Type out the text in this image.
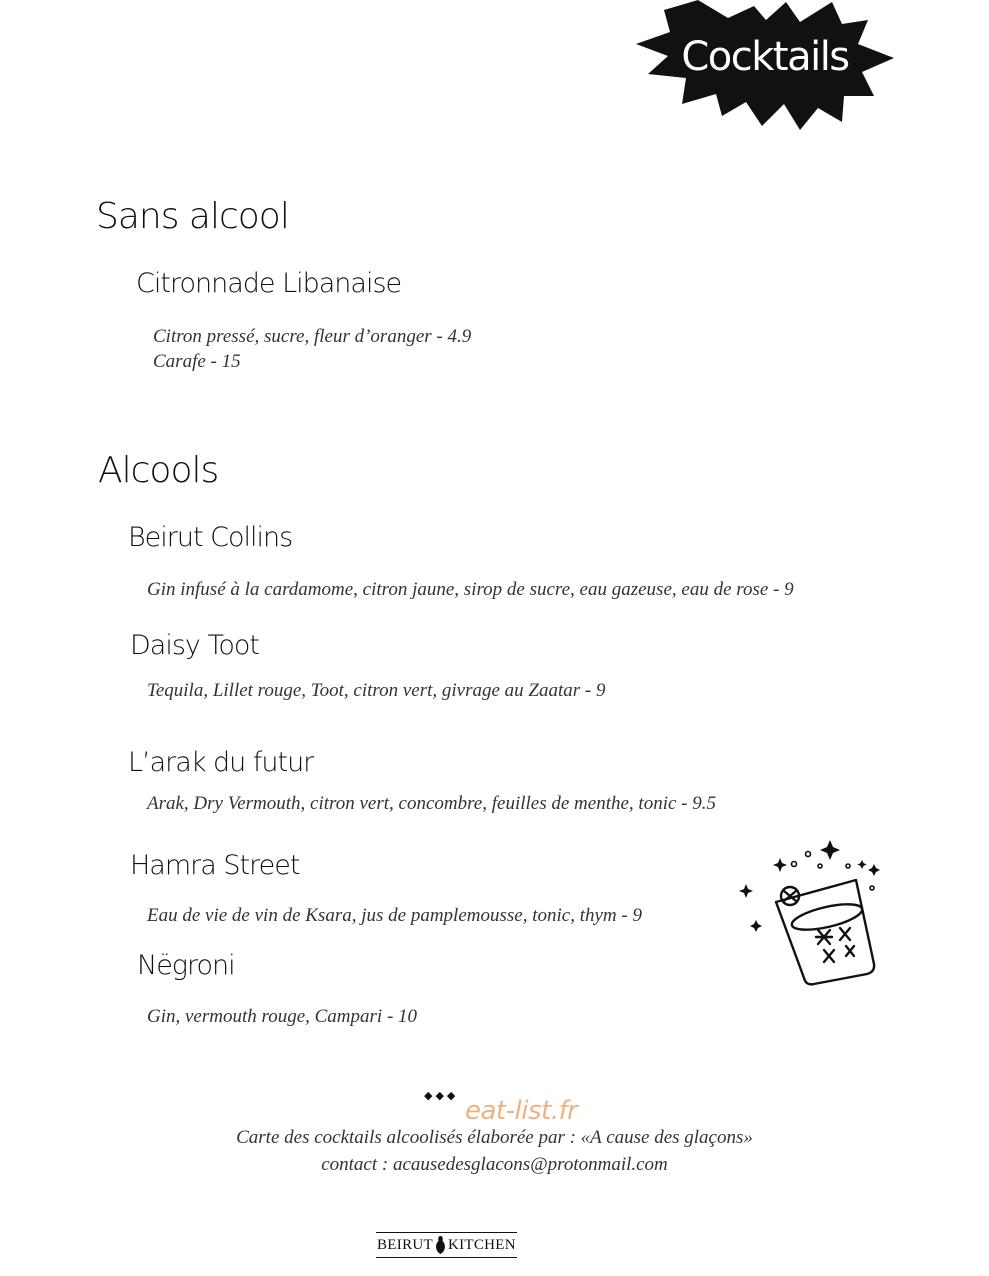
Cocktails
Sans alcool
Citronnade Libanaise
Citron pressé, sucre, fleur d’oranger - 4.9
Carafe - 15
Alcools
Beirut Collins
Gin infusé à la cardamome, citron jaune, sirop de sucre, eau gazeuse, eau de rose - 9
Daisy Toot
Tequila, Lillet rouge, Toot, citron vert, givrage au Zaatar - 9
L’arak du futur
Arak, Dry Vermouth, citron vert, concombre, feuilles de menthe, tonic - 9.5
Hamra Street
Eau de vie de vin de Ksara, jus de pamplemousse, tonic, thym - 9
Nëgroni
Gin, vermouth rouge, Campari - 10
◆◆◆
eat-list.fr
Carte des cocktails alcoolisés élaborée par : «A cause des glaçons»
contact : acausedesglacons@protonmail.com
BEIRUT KITCHEN
